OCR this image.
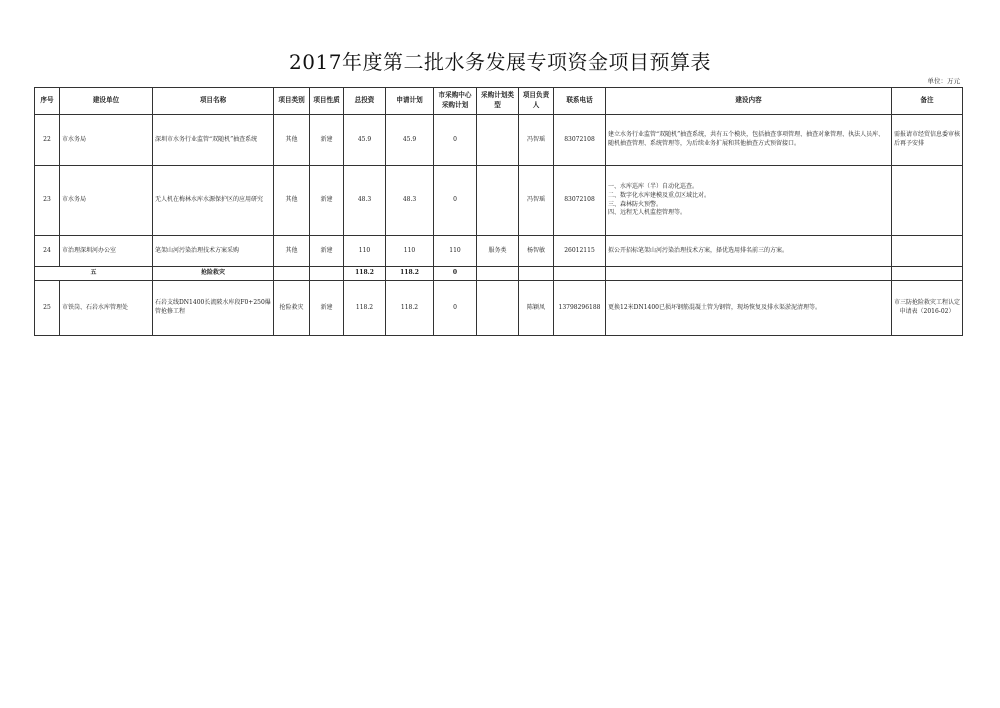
2017年度第二批水务发展专项资金项目预算表
单位：万元
序号	建设单位	项目名称	项目类别	项目性质	总投资	申请计划	市采购中心采购计划	采购计划类型	项目负责人	联系电话	建设内容	备注
22	市水务局	深圳市水务行业监管“双随机”抽查系统	其他	新建	45.9	45.9	0		冯智瑶	83072108	建立水务行业监管“双随机”抽查系统，共有五个模块，包括抽查事项管理、抽查对象管理、执法人员库、随机抽查管理、系统管理等，为后续业务扩展和其他抽查方式预留接口。	需报请市经贸信息委审核后再予安排
23	市水务局	无人机在梅林水库水源保护区的应用研究	其他	新建	48.3	48.3	0		冯智瑶	83072108	一、水库巡库（半）自动化巡查。
二、数字化水库建模及重点区域比对。
三、森林防火预警。
四、远程无人机监控管理等。	

24	市治理深圳河办公室	笔架山河污染治理技术方案采购	其他	新建	110	110	110	服务类	杨智敏	26012115	拟公开招标笔架山河污染治理技术方案，择优选用排名前三的方案。	
五		抢险救灾			118.2	118.2	0					
25	市铁岗、石岩水库管理处	石岩支线DN1400长流陂水库段F0+250爆管抢修工程	抢险救灾	新建	118.2	118.2	0		陈颖凤	13798296188	更换12米DN1400已损坏钢筋混凝土管为钢管，现场恢复及排水渠淤泥清理等。	市三防抢险救灾工程认定申请表（2016-02）
